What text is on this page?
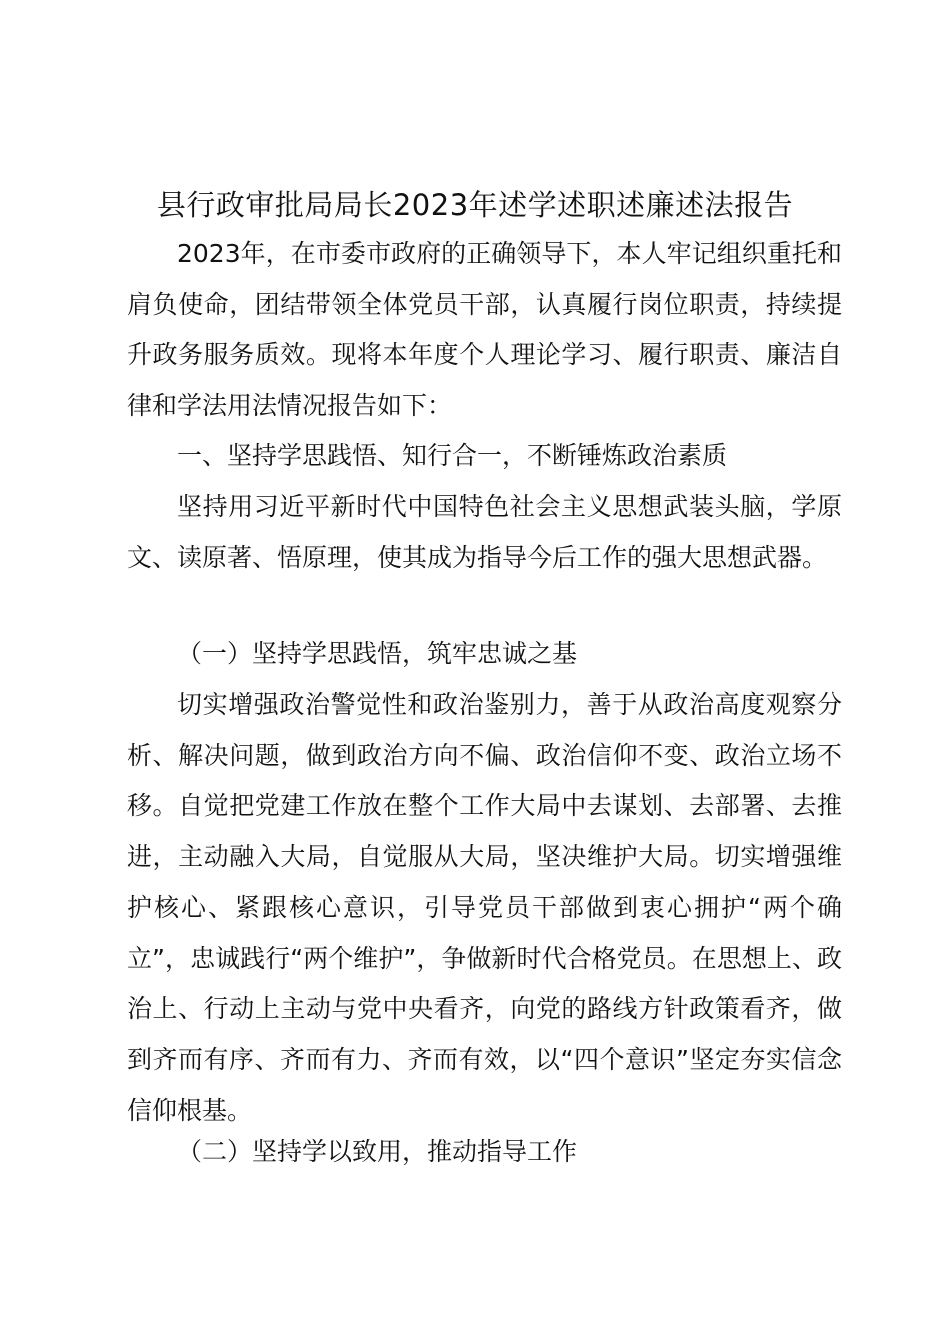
县行政审批局局长2023年述学述职述廉述法报告

2023年，在市委市政府的正确领导下，本人牢记组织重托和肩负使命，团结带领全体党员干部，认真履行岗位职责，持续提升政务服务质效。现将本年度个人理论学习、履行职责、廉洁自律和学法用法情况报告如下：

一、坚持学思践悟、知行合一，不断锤炼政治素质

坚持用习近平新时代中国特色社会主义思想武装头脑，学原文、读原著、悟原理，使其成为指导今后工作的强大思想武器。

（一）坚持学思践悟，筑牢忠诚之基

切实增强政治警觉性和政治鉴别力，善于从政治高度观察分析、解决问题，做到政治方向不偏、政治信仰不变、政治立场不移。自觉把党建工作放在整个工作大局中去谋划、去部署、去推进，主动融入大局，自觉服从大局，坚决维护大局。切实增强维护核心、紧跟核心意识，引导党员干部做到衷心拥护“两个确立”，忠诚践行“两个维护”，争做新时代合格党员。在思想上、政治上、行动上主动与党中央看齐，向党的路线方针政策看齐，做到齐而有序、齐而有力、齐而有效，以“四个意识”坚定夯实信念信仰根基。

（二）坚持学以致用，推动指导工作
